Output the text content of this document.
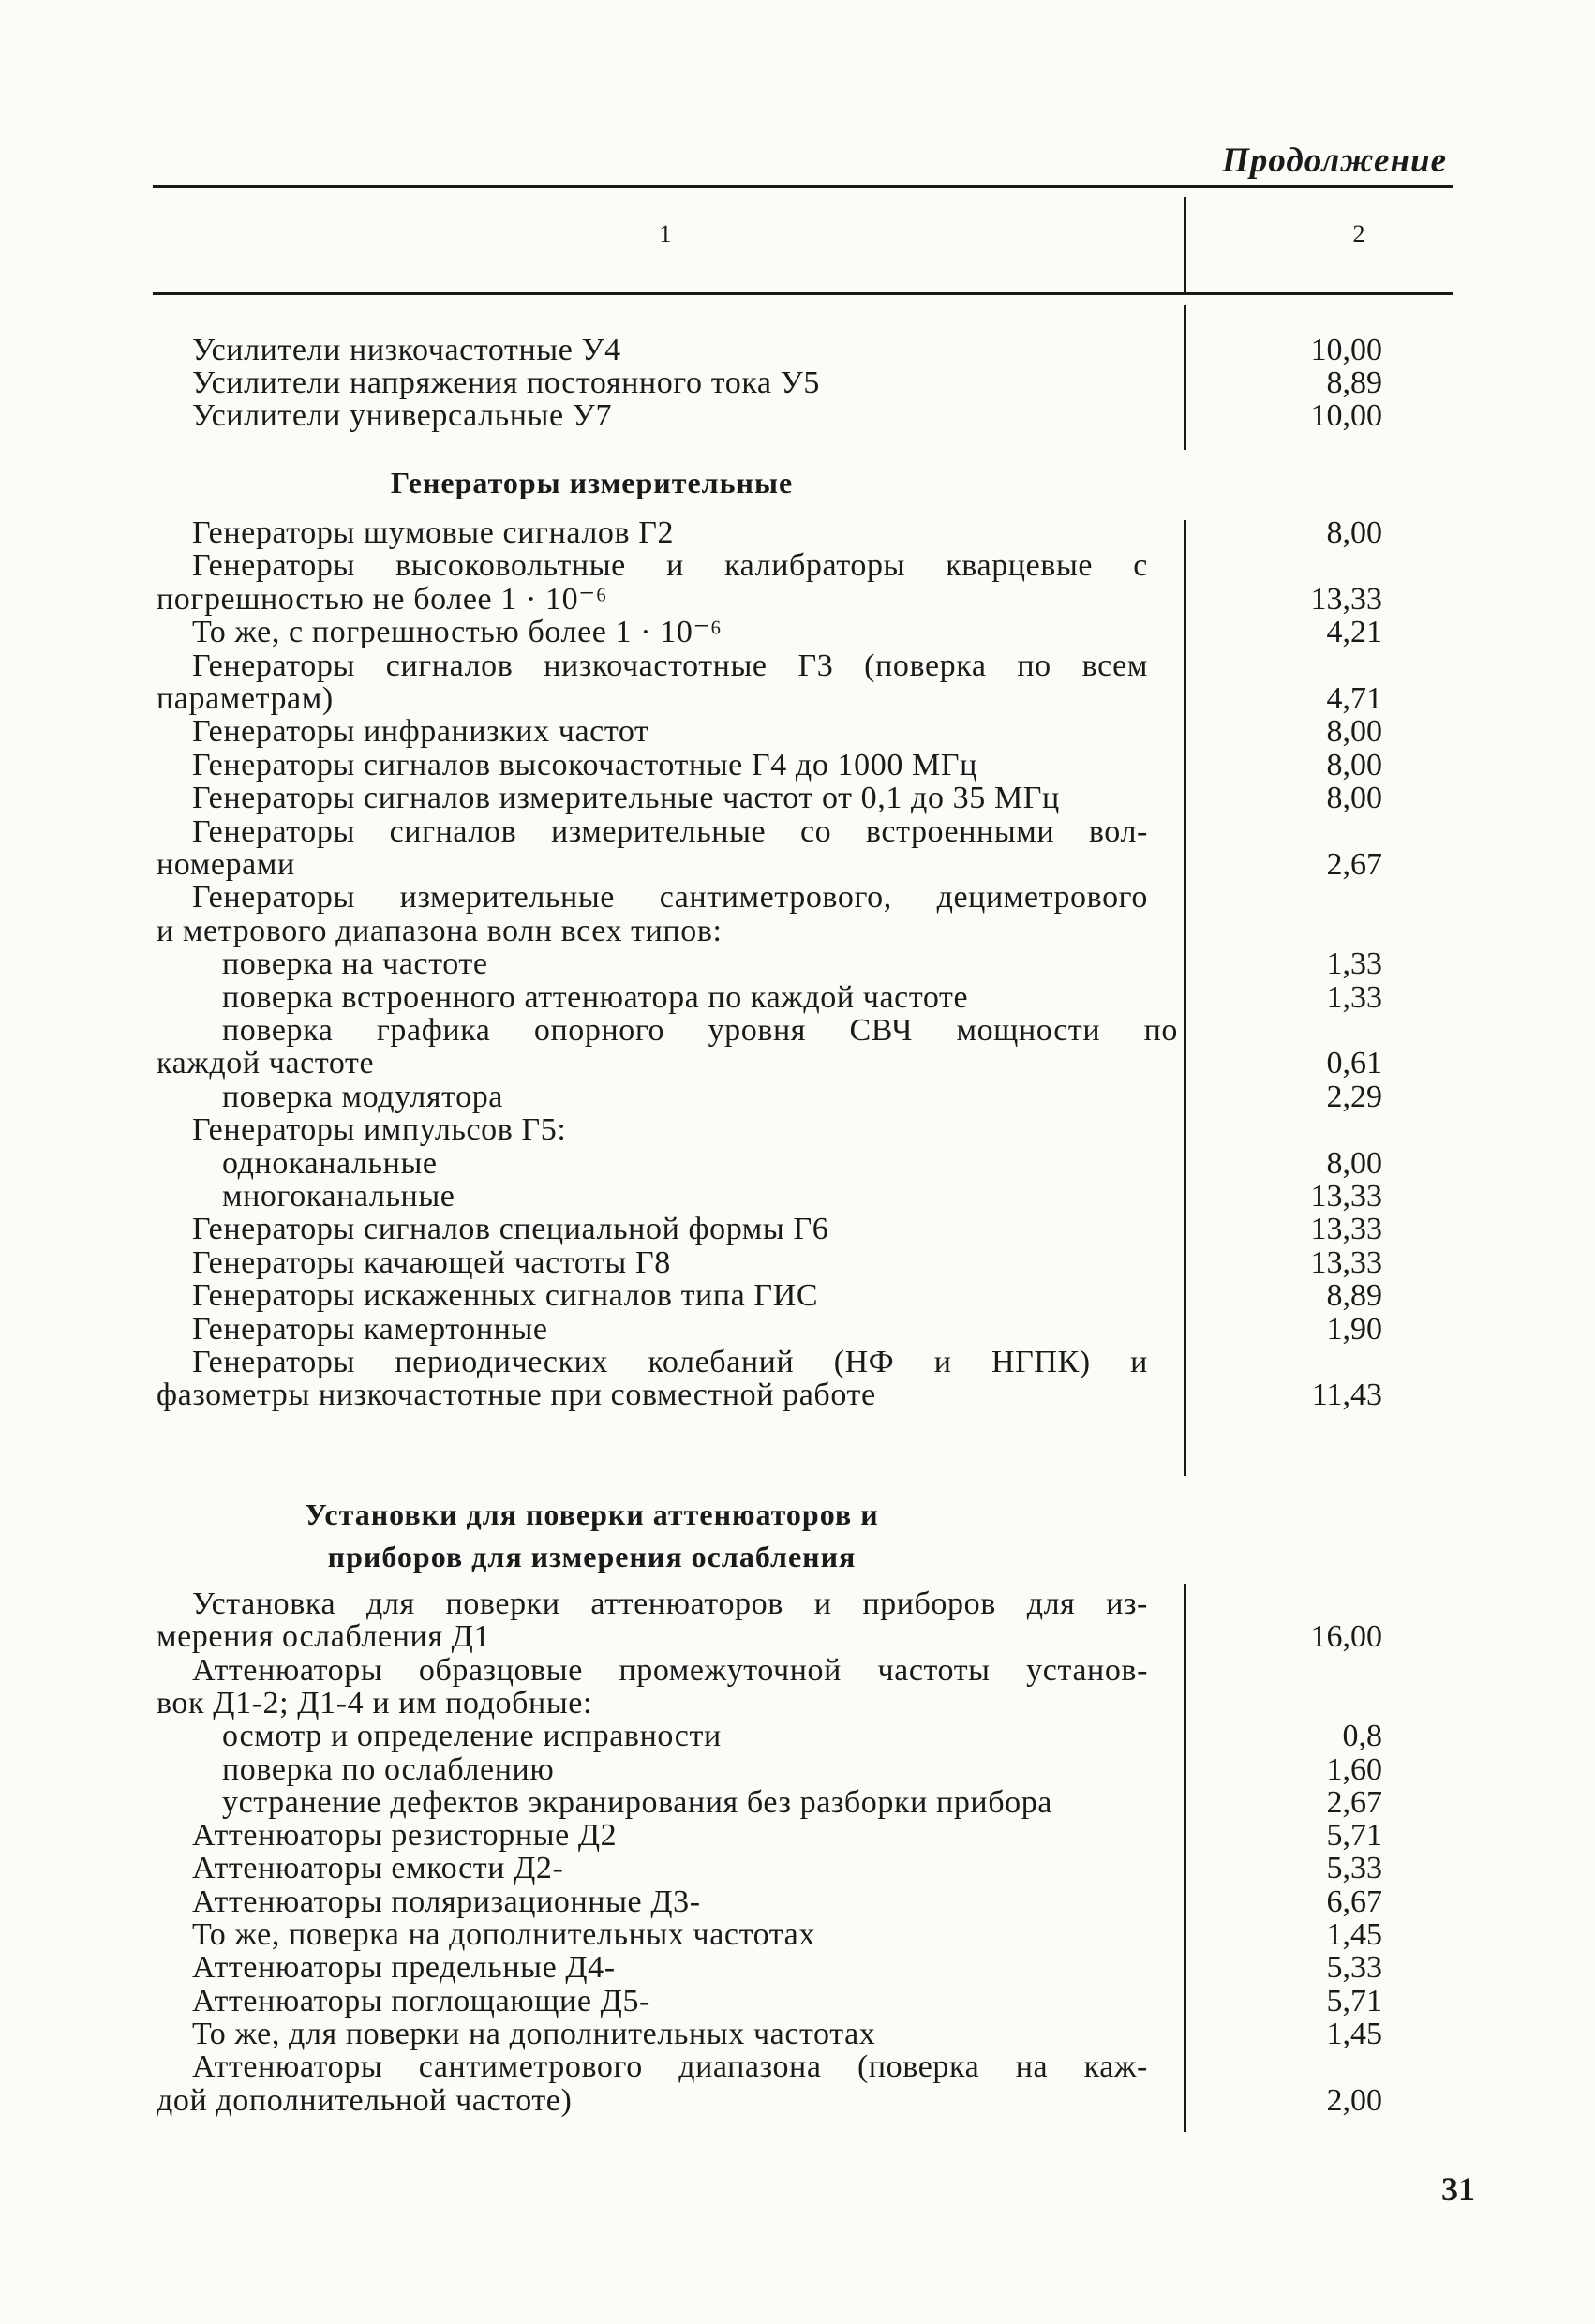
Продолжение
1	2
Усилители низкочастотные У4	10,00
Усилители напряжения постоянного тока У5	8,89
Усилители универсальные У7	10,00
Генераторы измерительные
Генераторы шумовые сигналов Г2	8,00
Генераторы высоковольтные и калибраторы кварцевые с
погрешностью не более 1 · 10⁻⁶	13,33
То же, с погрешностью более 1 · 10⁻⁶	4,21
Генераторы сигналов низкочастотные Г3 (поверка по всем
параметрам)	4,71
Генераторы инфранизких частот	8,00
Генераторы сигналов высокочастотные Г4 до 1000 МГц	8,00
Генераторы сигналов измерительные частот от 0,1 до 35 МГц	8,00
Генераторы сигналов измерительные со встроенными вол-
номерами	2,67
Генераторы измерительные сантиметрового, дециметрового
и метрового диапазона волн всех типов:
поверка на частоте	1,33
поверка встроенного аттенюатора по каждой частоте	1,33
поверка графика опорного уровня СВЧ мощности по
каждой частоте	0,61
поверка модулятора	2,29
Генераторы импульсов Г5:
одноканальные	8,00
многоканальные	13,33
Генераторы сигналов специальной формы Г6	13,33
Генераторы качающей частоты Г8	13,33
Генераторы искаженных сигналов типа ГИС	8,89
Генераторы камертонные	1,90
Генераторы периодических колебаний (НФ и НГПК) и
фазометры низкочастотные при совместной работе	11,43
Установки для поверки аттенюаторов и
приборов для измерения ослабления
Установка для поверки аттенюаторов и приборов для из-
мерения ослабления Д1	16,00
Аттенюаторы образцовые промежуточной частоты установ-
вок Д1-2; Д1-4 и им подобные:
осмотр и определение исправности	0,8
поверка по ослаблению	1,60
устранение дефектов экранирования без разборки прибора	2,67
Аттенюаторы резисторные Д2	5,71
Аттенюаторы емкости Д2-	5,33
Аттенюаторы поляризационные Д3-	6,67
То же, поверка на дополнительных частотах	1,45
Аттенюаторы предельные Д4-	5,33
Аттенюаторы поглощающие Д5-	5,71
То же, для поверки на дополнительных частотах	1,45
Аттенюаторы сантиметрового диапазона (поверка на каж-
дой дополнительной частоте)	2,00
31
